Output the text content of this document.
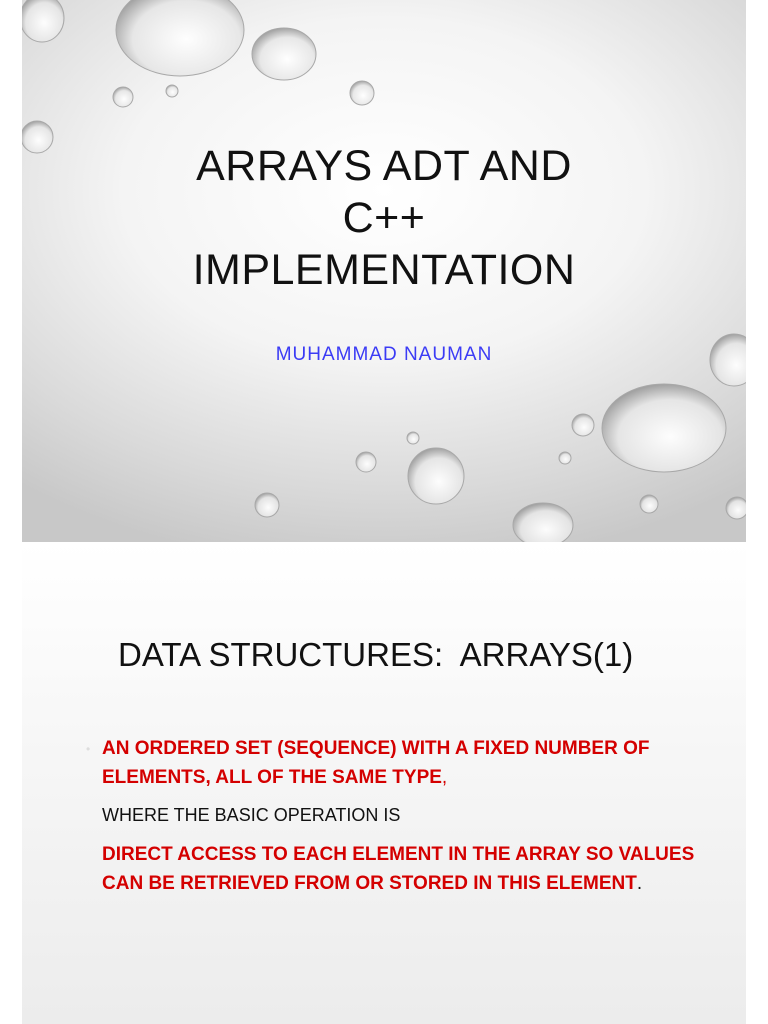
ARRAYS ADT AND
C++
IMPLEMENTATION
MUHAMMAD NAUMAN
DATA STRUCTURES:  ARRAYS(1)
• AN ORDERED SET (SEQUENCE) WITH A FIXED NUMBER OF ELEMENTS, ALL OF THE SAME TYPE,
WHERE THE BASIC OPERATION IS
DIRECT ACCESS TO EACH ELEMENT IN THE ARRAY SO VALUES CAN BE RETRIEVED FROM OR STORED IN THIS ELEMENT.
